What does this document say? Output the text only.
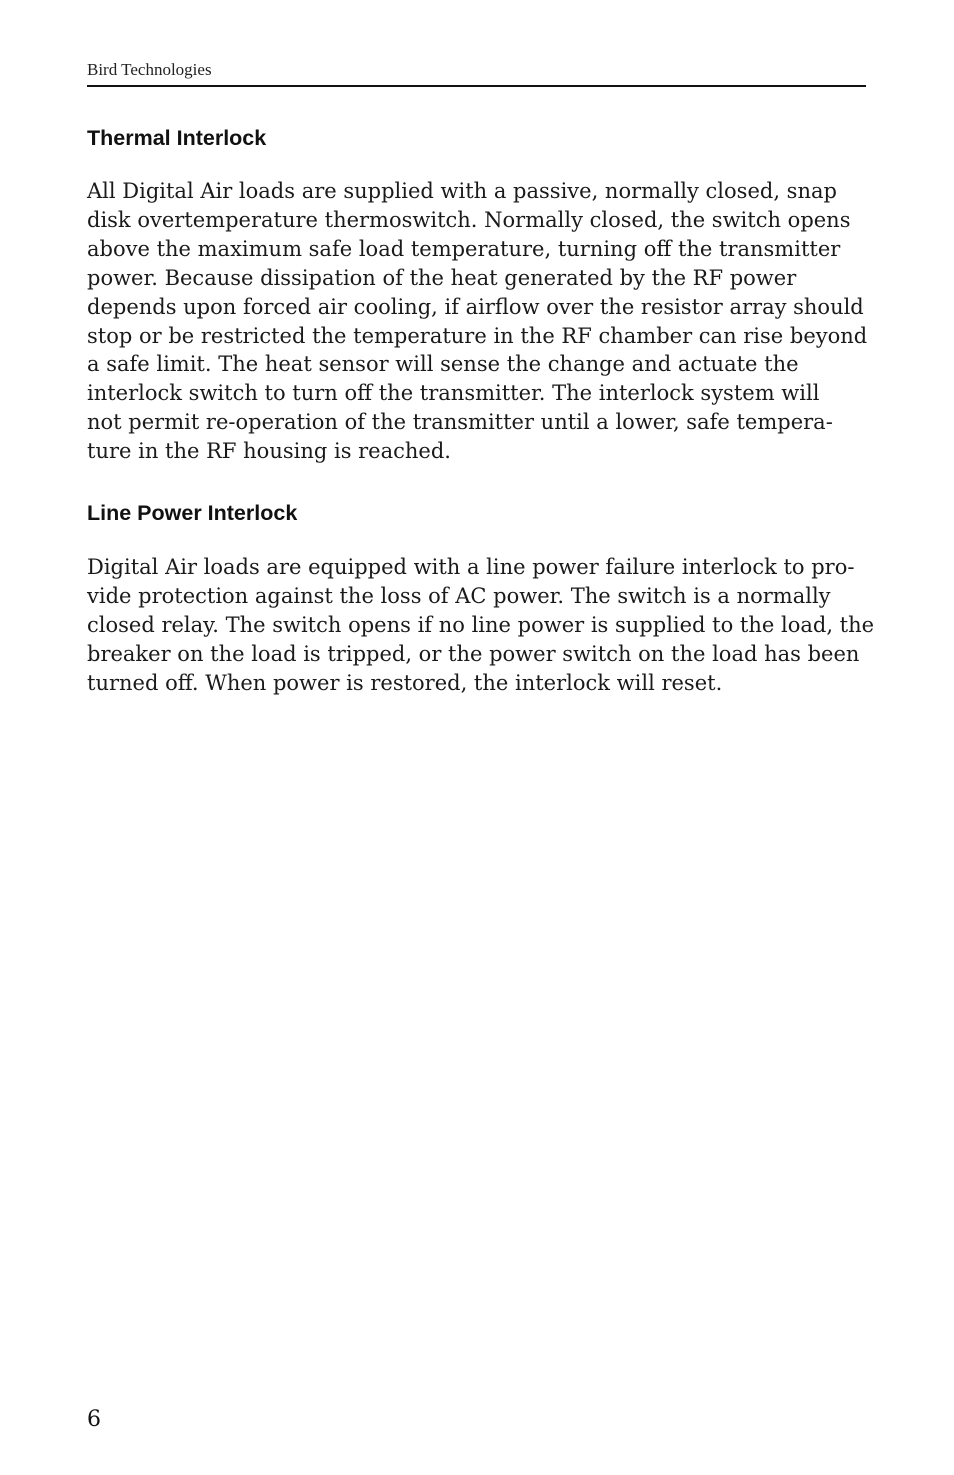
Bird Technologies
Thermal Interlock
All Digital Air loads are supplied with a passive, normally closed, snap
disk overtemperature thermoswitch. Normally closed, the switch opens
above the maximum safe load temperature, turning off the transmitter
power. Because dissipation of the heat generated by the RF power
depends upon forced air cooling, if airflow over the resistor array should
stop or be restricted the temperature in the RF chamber can rise beyond
a safe limit. The heat sensor will sense the change and actuate the
interlock switch to turn off the transmitter. The interlock system will
not permit re-operation of the transmitter until a lower, safe tempera-
ture in the RF housing is reached.
Line Power Interlock
Digital Air loads are equipped with a line power failure interlock to pro-
vide protection against the loss of AC power. The switch is a normally
closed relay. The switch opens if no line power is supplied to the load, the
breaker on the load is tripped, or the power switch on the load has been
turned off. When power is restored, the interlock will reset.
6
